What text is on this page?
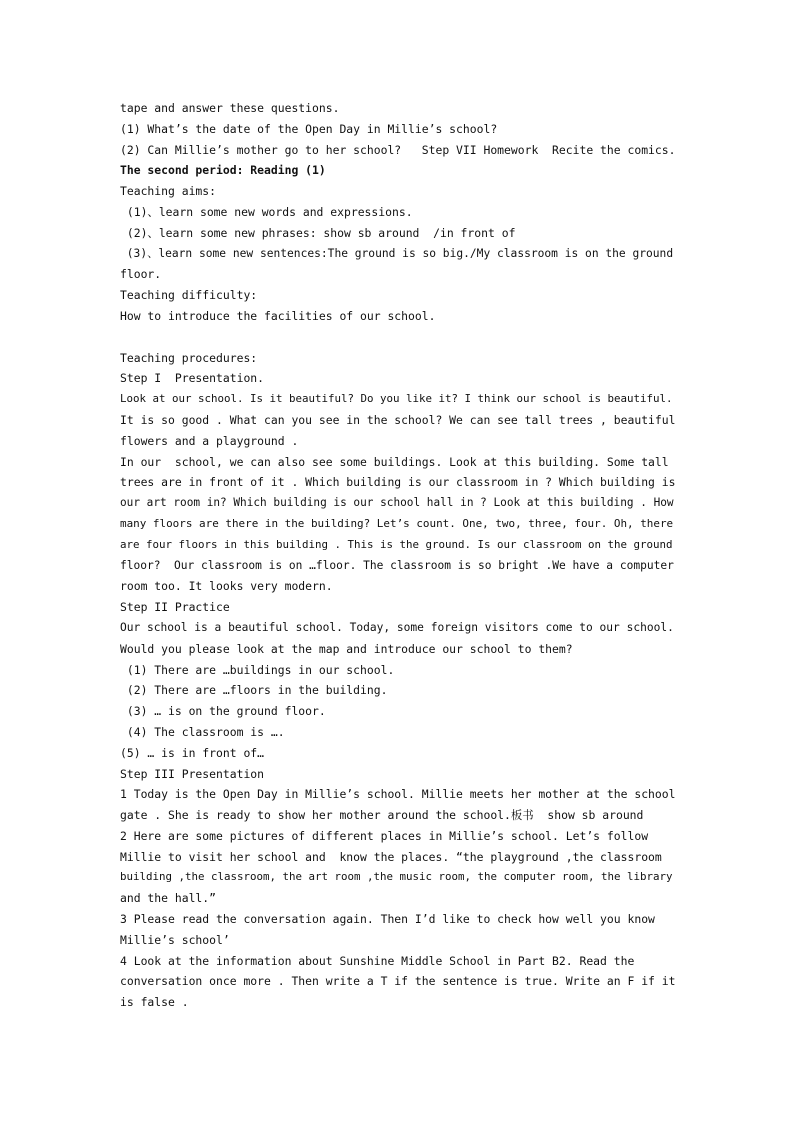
tape and answer these questions.
(1) What’s the date of the Open Day in Millie’s school?
(2) Can Millie’s mother go to her school?   Step VII Homework  Recite the comics.
The second period: Reading (1)
Teaching aims:
(1)、learn some new words and expressions.
(2)、learn some new phrases: show sb around  /in front of
(3)、learn some new sentences:The ground is so big./My classroom is on the ground
floor.
Teaching difficulty:
How to introduce the facilities of our school.
Teaching procedures:
Step I  Presentation.
Look at our school. Is it beautiful? Do you like it? I think our school is beautiful.
It is so good . What can you see in the school? We can see tall trees , beautiful
flowers and a playground .
In our  school, we can also see some buildings. Look at this building. Some tall
trees are in front of it . Which building is our classroom in ? Which building is
our art room in? Which building is our school hall in ? Look at this building . How
many floors are there in the building? Let’s count. One, two, three, four. Oh, there
are four floors in this building . This is the ground. Is our classroom on the ground
floor?  Our classroom is on …floor. The classroom is so bright .We have a computer
room too. It looks very modern.
Step II Practice
Our school is a beautiful school. Today, some foreign visitors come to our school.
Would you please look at the map and introduce our school to them?
(1) There are …buildings in our school.
(2) There are …floors in the building.
(3) … is on the ground floor.
(4) The classroom is ….
(5) … is in front of…
Step III Presentation
1 Today is the Open Day in Millie’s school. Millie meets her mother at the school
gate . She is ready to show her mother around the school.板书  show sb around
2 Here are some pictures of different places in Millie’s school. Let’s follow
Millie to visit her school and  know the places. “the playground ,the classroom
building ,the classroom, the art room ,the music room, the computer room, the library
and the hall.”
3 Please read the conversation again. Then I’d like to check how well you know
Millie’s school’
4 Look at the information about Sunshine Middle School in Part B2. Read the
conversation once more . Then write a T if the sentence is true. Write an F if it
is false .
